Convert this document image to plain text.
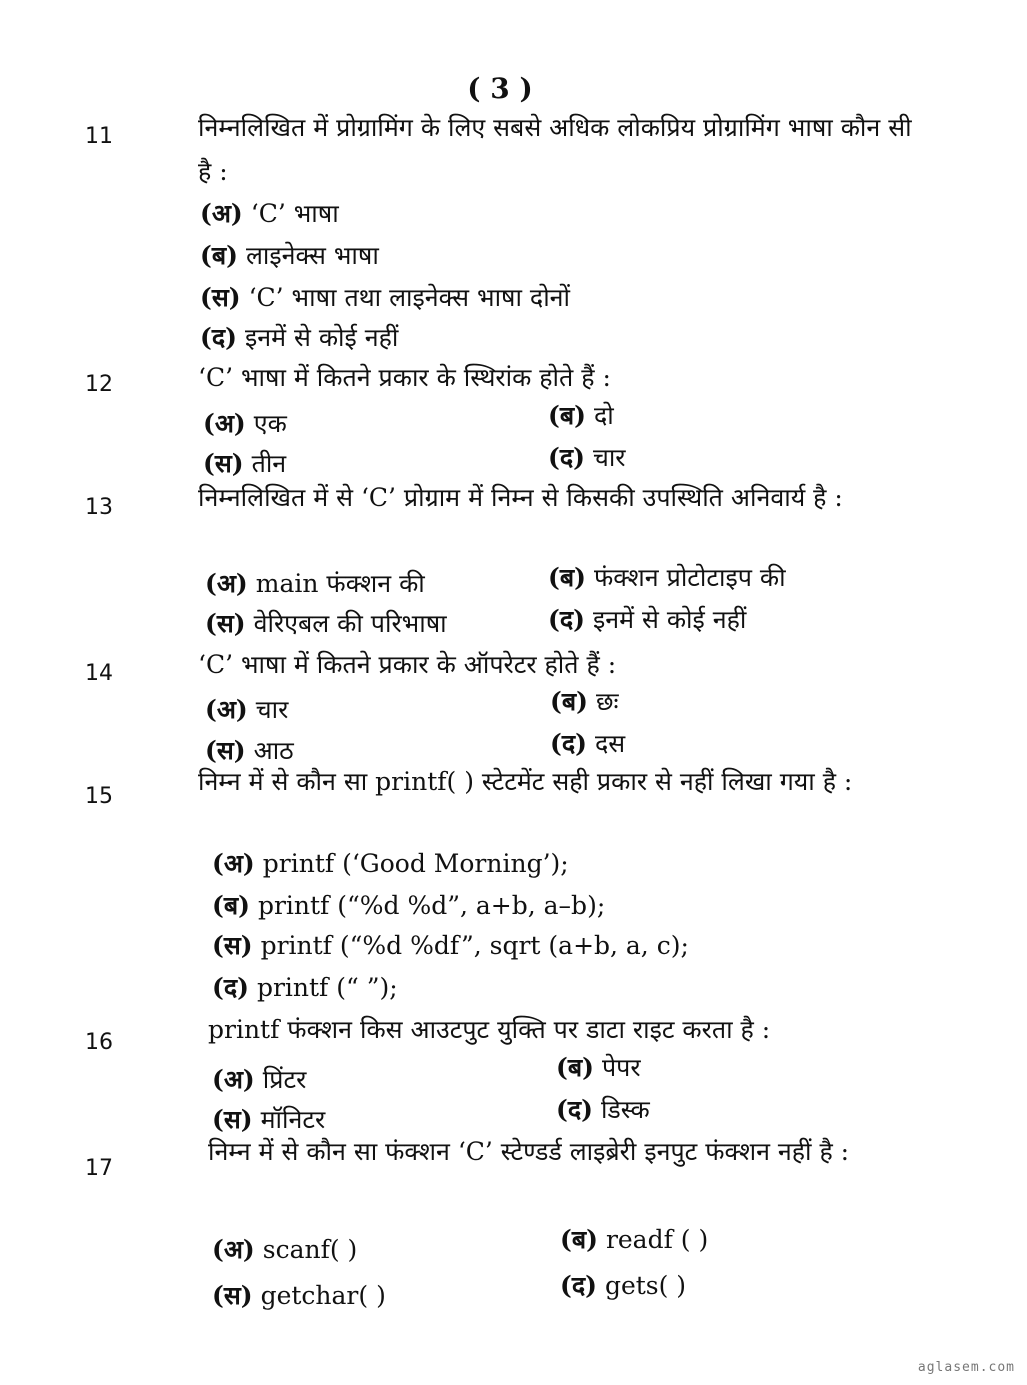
( 3 )
11	निम्नलिखित में प्रोग्रामिंग के लिए सबसे अधिक लोकप्रिय प्रोग्रामिंग भाषा कौन सी है :
(अ) ‘C’ भाषा
(ब) लाइनेक्स भाषा
(स) ‘C’ भाषा तथा लाइनेक्स भाषा दोनों
(द) इनमें से कोई नहीं
12	‘C’ भाषा में कितने प्रकार के स्थिरांक होते हैं :
(अ) एक	(ब) दो
(स) तीन	(द) चार
13	निम्नलिखित में से ‘C’ प्रोग्राम में निम्न से किसकी उपस्थिति अनिवार्य है :
(अ) main फंक्शन की	(ब) फंक्शन प्रोटोटाइप की
(स) वेरिएबल की परिभाषा	(द) इनमें से कोई नहीं
14	‘C’ भाषा में कितने प्रकार के ऑपरेटर होते हैं :
(अ) चार	(ब) छः
(स) आठ	(द) दस
15
निम्न में से कौन सा printf( ) स्टेटमेंट सही प्रकार से नहीं लिखा गया है :
(अ) printf (‘Good Morning’);
(ब) printf (“%d %d”, a+b, a–b);
(स) printf (“%d %df”, sqrt (a+b, a, c);
(द) printf (“ ”);
16	printf फंक्शन किस आउटपुट युक्ति पर डाटा राइट करता है :
(अ) प्रिंटर	(ब) पेपर
(स) मॉनिटर	(द) डिस्क
17
निम्न में से कौन सा फंक्शन ‘C’ स्टेण्डर्ड लाइब्रेरी इनपुट फंक्शन नहीं है :
(अ) scanf( )	(ब) readf ( )
(स) getchar( )	(द) gets( )
aglasem.com
